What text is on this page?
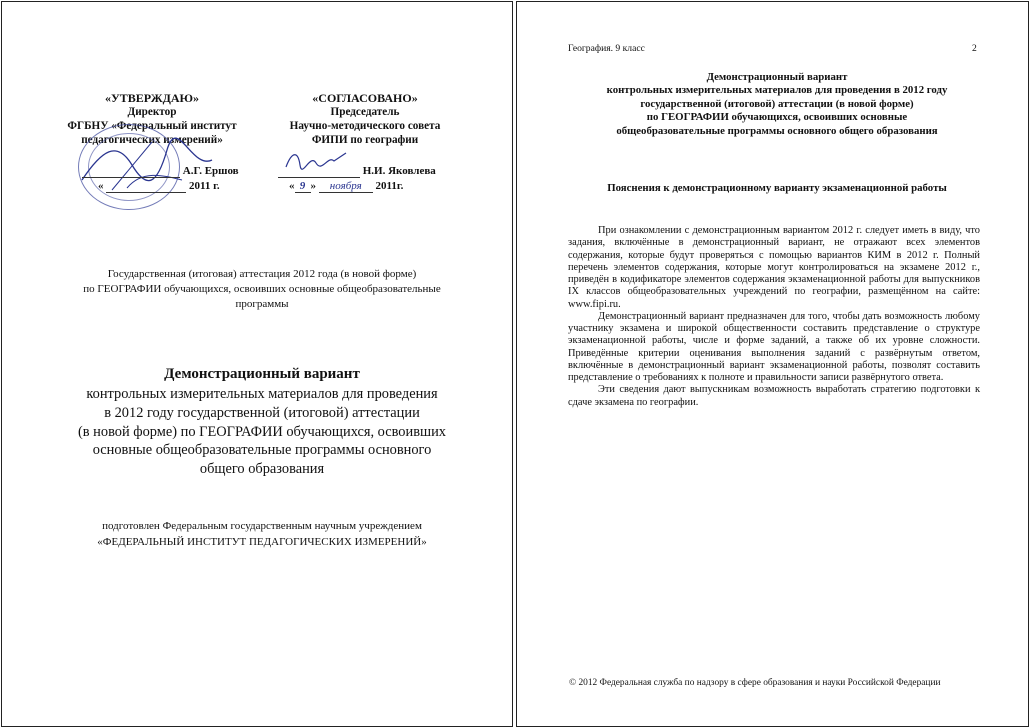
«УТВЕРЖДАЮ»
Директор
ФГБНУ «Федеральный институт
педагогических измерений»
А.Г. Ершов
«	2011 г.
«СОГЛАСОВАНО»
Председатель
Научно-методического совета
ФИПИ по географии
Н.И. Яковлева
« 9 » ноября 2011г.
Государственная (итоговая) аттестация 2012 года (в новой форме)
по ГЕОГРАФИИ обучающихся, освоивших основные общеобразовательные
программы
Демонстрационный вариант
контрольных измерительных материалов для проведения
в 2012 году государственной (итоговой) аттестации
(в новой форме) по ГЕОГРАФИИ обучающихся, освоивших
основные общеобразовательные программы основного
общего образования
подготовлен Федеральным государственным научным учреждением
«ФЕДЕРАЛЬНЫЙ ИНСТИТУТ ПЕДАГОГИЧЕСКИХ ИЗМЕРЕНИЙ»
География. 9 класс	2
Демонстрационный вариант
контрольных измерительных материалов для проведения в 2012 году
государственной (итоговой) аттестации (в новой форме)
по ГЕОГРАФИИ обучающихся, освоивших основные
общеобразовательные программы основного общего образования
Пояснения к демонстрационному варианту экзаменационной работы

При ознакомлении с демонстрационным вариантом 2012 г. следует иметь в виду, что задания, включённые в демонстрационный вариант, не отражают всех элементов содержания, которые будут проверяться с помощью вариантов КИМ в 2012 г. Полный перечень элементов содержания, которые могут контролироваться на экзамене 2012 г., приведён в кодификаторе элементов содержания экзаменационной работы для выпускников IX классов общеобразовательных учреждений по географии, размещённом на сайте: www.fipi.ru.

Демонстрационный вариант предназначен для того, чтобы дать возможность любому участнику экзамена и широкой общественности составить представление о структуре экзаменационной работы, числе и форме заданий, а также об их уровне сложности. Приведённые критерии оценивания выполнения заданий с развёрнутым ответом, включённые в демонстрационный вариант экзаменационной работы, позволят составить представление о требованиях к полноте и правильности записи развёрнутого ответа.

Эти сведения дают выпускникам возможность выработать стратегию подготовки к сдаче экзамена по географии.

© 2012 Федеральная служба по надзору в сфере образования и науки Российской Федерации
